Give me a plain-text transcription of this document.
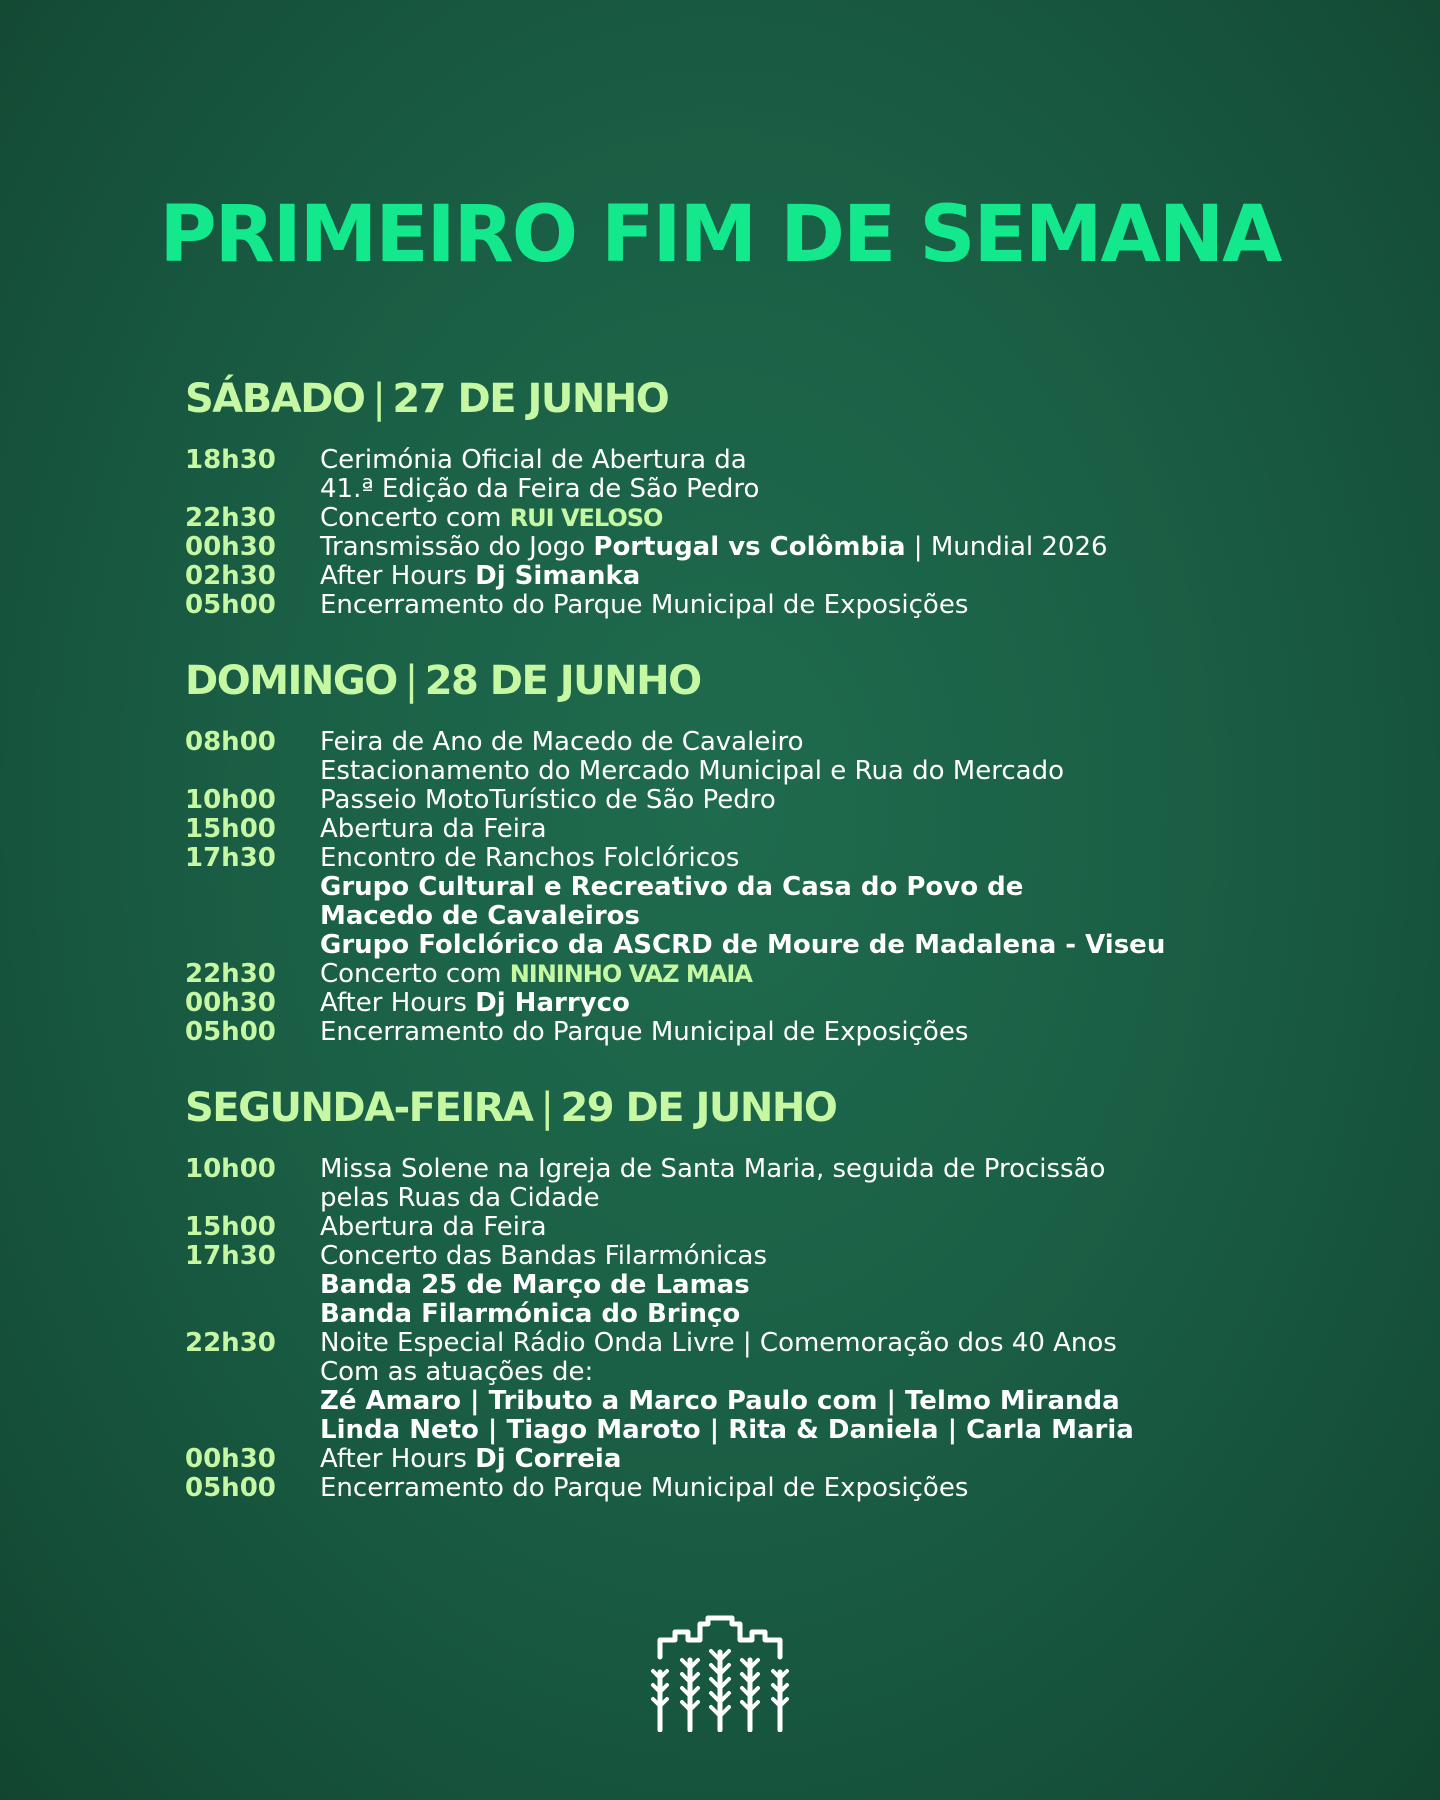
PRIMEIRO FIM DE SEMANA
SÁBADO | 27 DE JUNHO
18h30	Cerimónia Oficial de Abertura da
41.ª Edição da Feira de São Pedro
22h30	Concerto com RUI VELOSO
00h30	Transmissão do Jogo Portugal vs Colômbia | Mundial 2026
02h30	After Hours Dj Simanka
05h00	Encerramento do Parque Municipal de Exposições
DOMINGO | 28 DE JUNHO
08h00	Feira de Ano de Macedo de Cavaleiro
Estacionamento do Mercado Municipal e Rua do Mercado
10h00	Passeio MotoTurístico de São Pedro
15h00	Abertura da Feira
17h30	Encontro de Ranchos Folclóricos
Grupo Cultural e Recreativo da Casa do Povo de
Macedo de Cavaleiros
Grupo Folclórico da ASCRD de Moure de Madalena - Viseu
22h30	Concerto com NININHO VAZ MAIA
00h30	After Hours Dj Harryco
05h00	Encerramento do Parque Municipal de Exposições
SEGUNDA-FEIRA | 29 DE JUNHO
10h00	Missa Solene na Igreja de Santa Maria, seguida de Procissão
pelas Ruas da Cidade
15h00	Abertura da Feira
17h30	Concerto das Bandas Filarmónicas
Banda 25 de Março de Lamas
Banda Filarmónica do Brinço
22h30	Noite Especial Rádio Onda Livre | Comemoração dos 40 Anos
Com as atuações de:
Zé Amaro | Tributo a Marco Paulo com | Telmo Miranda
Linda Neto | Tiago Maroto | Rita & Daniela | Carla Maria
00h30	After Hours Dj Correia
05h00	Encerramento do Parque Municipal de Exposições
